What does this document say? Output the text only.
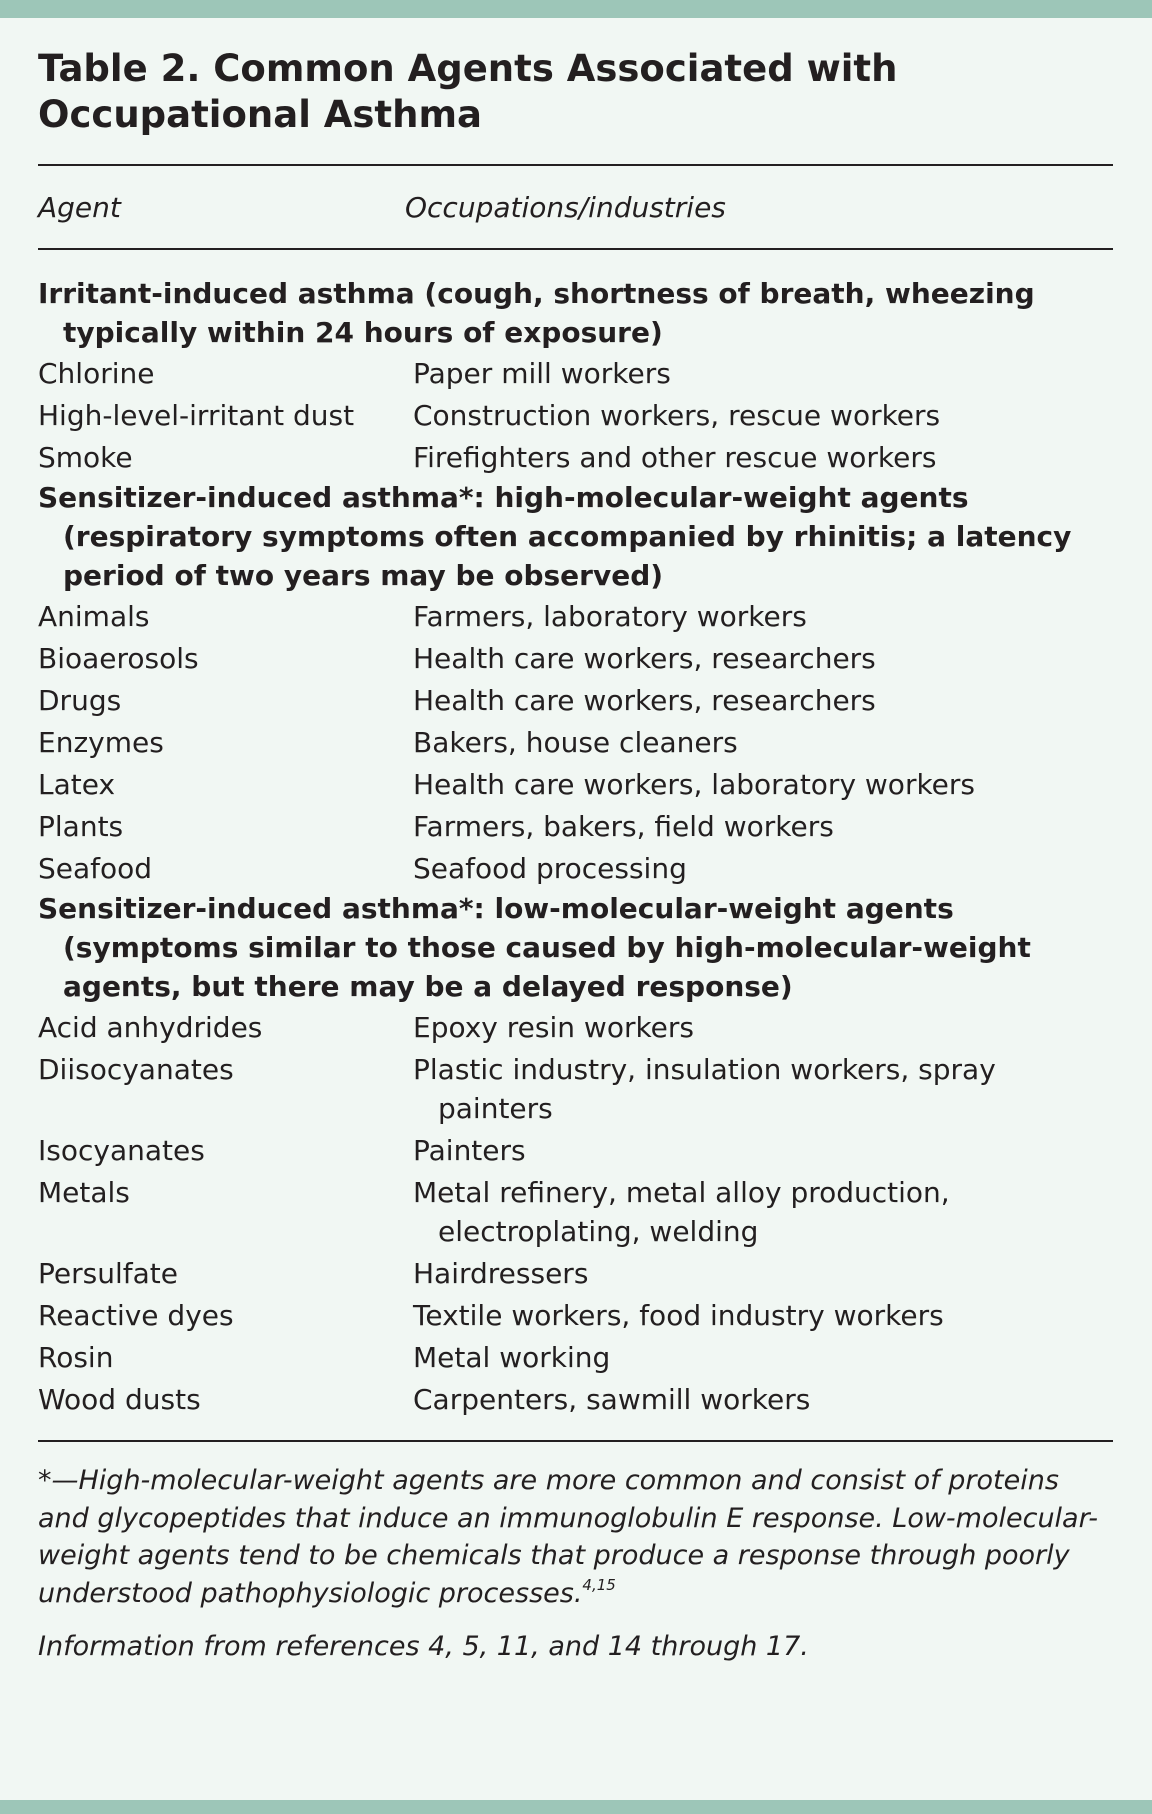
Table 2. Common Agents Associated with Occupational Asthma
Agent	Occupations/industries
Irritant-induced asthma (cough, shortness of breath, wheezing typically within 24 hours of exposure)
Chlorine	Paper mill workers
High-level-irritant dust	Construction workers, rescue workers
Smoke	Firefighters and other rescue workers
Sensitizer-induced asthma*: high-molecular-weight agents (respiratory symptoms often accompanied by rhinitis; a latency period of two years may be observed)
Animals	Farmers, laboratory workers
Bioaerosols	Health care workers, researchers
Drugs	Health care workers, researchers
Enzymes	Bakers, house cleaners
Latex	Health care workers, laboratory workers
Plants	Farmers, bakers, field workers
Seafood	Seafood processing
Sensitizer-induced asthma*: low-molecular-weight agents (symptoms similar to those caused by high-molecular-weight agents, but there may be a delayed response)
Acid anhydrides	Epoxy resin workers
Diisocyanates	Plastic industry, insulation workers, spray painters
Isocyanates	Painters
Metals	Metal refinery, metal alloy production, electroplating, welding
Persulfate	Hairdressers
Reactive dyes	Textile workers, food industry workers
Rosin	Metal working
Wood dusts	Carpenters, sawmill workers
*—High-molecular-weight agents are more common and consist of proteins and glycopeptides that induce an immunoglobulin E response. Low-molecular-weight agents tend to be chemicals that produce a response through poorly understood pathophysiologic processes.$^{4,15}$
Information from references 4, 5, 11, and 14 through 17.
